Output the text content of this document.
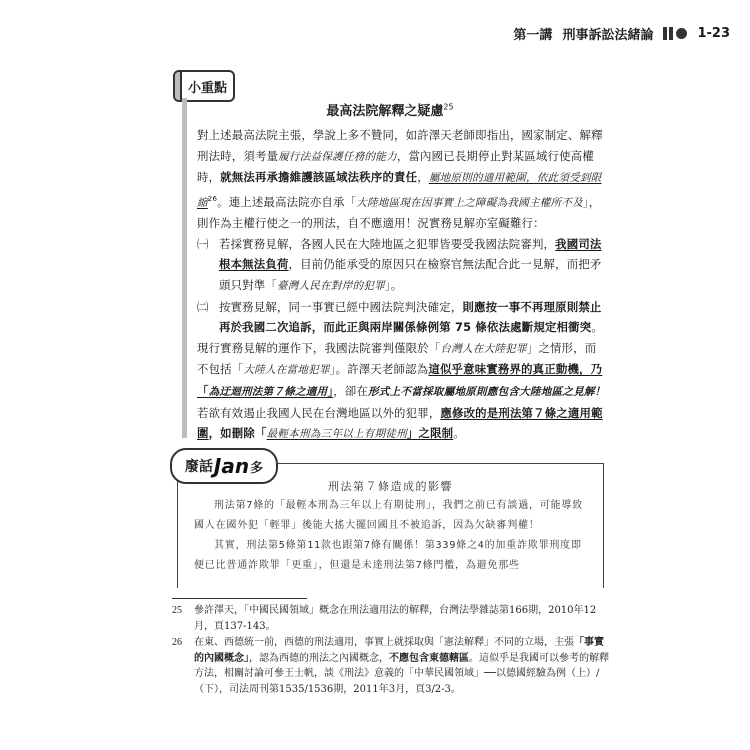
第一講 刑事訴訟法緒論	1-23
小重點
最高法院解釋之疑慮$^{25}$

對上述最高法院主張，學說上多不贊同，如許澤天老師即指出，國家制定、解釋刑法時，須考量履行法益保護任務的能力，當內國已長期停止對某區域行使高權時，就無法再承擔維護該區域法秩序的責任，屬地原則的適用範圍，依此須受到限縮$^{26}$。連上述最高法院亦自承「大陸地區現在因事實上之障礙為我國主權所不及」，則作為主權行使之一的刑法，自不應適用！況實務見解亦室礙難行：

㈠ 若採實務見解，各國人民在大陸地區之犯罪皆要受我國法院審判，我國司法根本無法負荷，目前仍能承受的原因只在檢察官無法配合此一見解，而把矛頭只對準「臺灣人民在對岸的犯罪」。
㈡ 按實務見解，同一事實已經中國法院判決確定，則應按一事不再理原則禁止再於我國二次追訴，而此正與兩岸關係條例第 75 條依法處斷規定相衝突。

現行實務見解的運作下，我國法院審判僅限於「台灣人在大陸犯罪」之情形，而不包括「大陸人在當地犯罪」。許澤天老師認為這似乎意味實務界的真正動機，乃「為迂迴刑法第７條之適用」，卻在形式上不當採取屬地原則應包含大陸地區之見解！若欲有效遏止我國人民在台灣地區以外的犯罪，應修改的是刑法第７條之適用範圍，如刪除「最輕本刑為三年以上有期徒刑」之限制。

廢話 Jan 多
刑法第７條造成的影響

刑法第7條的「最輕本刑為三年以上有期徒刑」，我們之前已有談過，可能導致國人在國外犯「輕罪」後能大搖大擺回國且不被追訴，因為欠缺審判權！

其實，刑法第5條第11款也跟第7條有關係！第339條之4的加重詐欺罪刑度即便已比普通詐欺罪「更重」，但還是未達刑法第7條門檻，為避免那些

25	參許澤天，「中國民國領域」概念在刑法適用法的解釋，台灣法學雜誌第166期，2010年12月，頁137-143。
26	在東、西德統一前，西德的刑法適用，事實上就採取與「憲法解釋」不同的立場，主張「事實的內國概念」，認為西德的刑法之內國概念，不應包含東德轄區。這似乎是我國可以參考的解釋方法，相關討論可參王士帆，談《刑法》意義的「中華民國領域」──以德國經驗為例（上）/（下），司法周刊第1535/1536期，2011年3月，頁3/2-3。
